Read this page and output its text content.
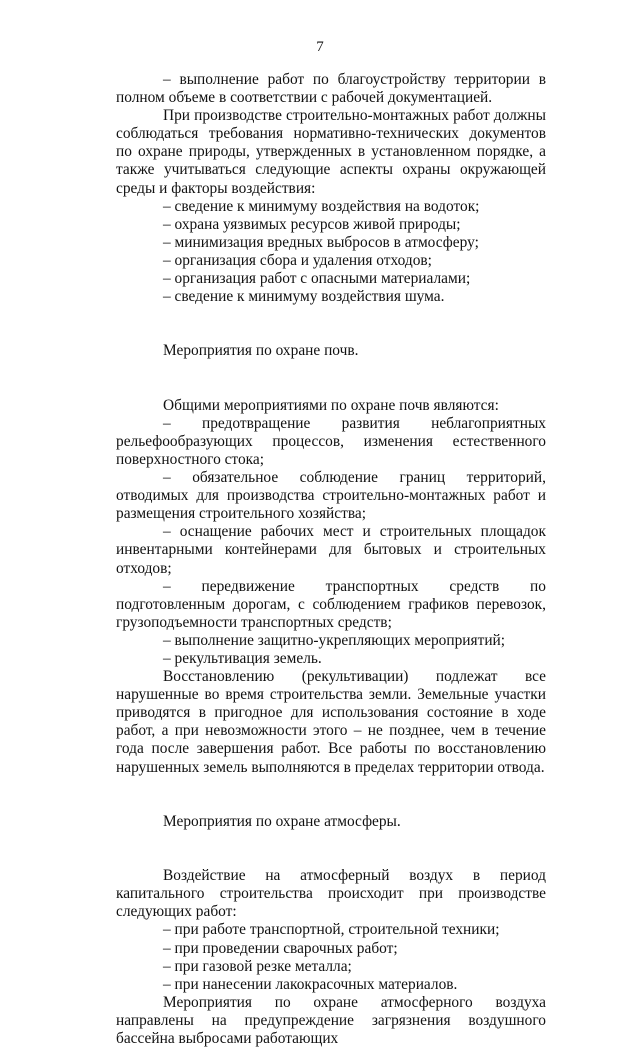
7

– выполнение работ по благоустройству территории в полном объеме в соответствии с рабочей документацией.

При производстве строительно-монтажных работ должны соблюдаться требования нормативно-технических документов по охране природы, утвержденных в установленном порядке, а также учитываться следующие аспекты охраны окружающей среды и факторы воздействия:

– сведение к минимуму воздействия на водоток;

– охрана уязвимых ресурсов живой природы;

– минимизация вредных выбросов в атмосферу;

– организация сбора и удаления отходов;

– организация работ с опасными материалами;

– сведение к минимуму воздействия шума.

Мероприятия по охране почв.

Общими мероприятиями по охране почв являются:

– предотвращение развития неблагоприятных рельефообразующих процессов, изменения естественного поверхностного стока;

– обязательное соблюдение границ территорий, отводимых для производства строительно-монтажных работ и размещения строительного хозяйства;

– оснащение рабочих мест и строительных площадок инвентарными контейнерами для бытовых и строительных отходов;

– передвижение транспортных средств по подготовленным дорогам, с соблюдением графиков перевозок, грузоподъемности транспортных средств;

– выполнение защитно-укрепляющих мероприятий;

– рекультивация земель.

Восстановлению (рекультивации) подлежат все нарушенные во время строительства земли. Земельные участки приводятся в пригодное для использования состояние в ходе работ, а при невозможности этого – не позднее, чем в течение года после завершения работ. Все работы по восстановлению нарушенных земель выполняются в пределах территории отвода.

Мероприятия по охране атмосферы.

Воздействие на атмосферный воздух в период капитального строительства происходит при производстве следующих работ:

– при работе транспортной, строительной техники;

– при проведении сварочных работ;

– при газовой резке металла;

– при нанесении лакокрасочных материалов.

Мероприятия по охране атмосферного воздуха направлены на предупреждение загрязнения воздушного бассейна выбросами работающих
